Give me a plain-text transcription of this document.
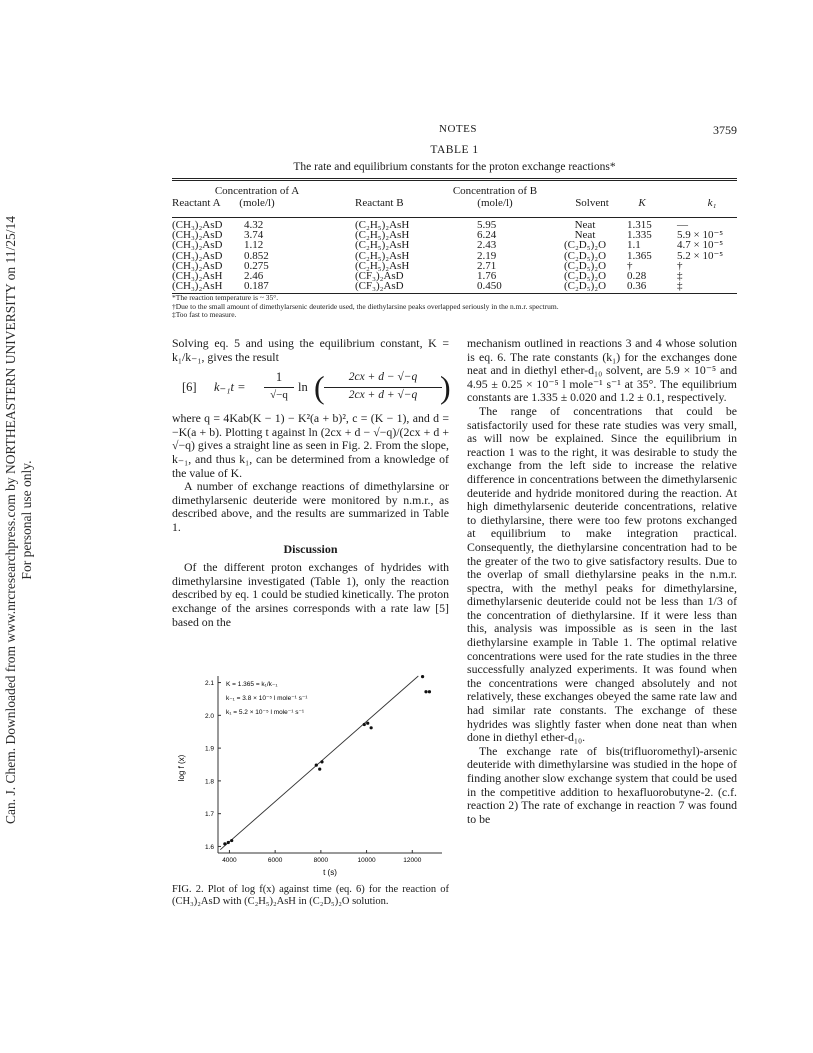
Can. J. Chem. Downloaded from www.nrcresearchpress.com by NORTHEASTERN UNIVERSITY on 11/25/14 For personal use only.
NOTES	3759
TABLE 1
The rate and equilibrium constants for the proton exchange reactions*
Concentration of A
(mole/l)
Reactant A	Reactant B
Concentration of B
(mole/l)	Solvent	K	k₁
(CH₃)₂AsD	4.32	(C₂H₅)₂AsH	5.95	Neat	1.315	—
(CH₃)₂AsD	3.74	(C₂H₅)₂AsH	6.24	Neat	1.335	5.9 × 10⁻⁵
(CH₃)₂AsD	1.12	(C₂H₅)₂AsH	2.43	(C₂D₅)₂O	1.1	4.7 × 10⁻⁵
(CH₃)₂AsD	0.852	(C₂H₅)₂AsH	2.19	(C₂D₅)₂O	1.365	5.2 × 10⁻⁵
(CH₃)₂AsD	0.275	(C₂H₅)₂AsH	2.71	(C₂D₅)₂O	†	†
(CH₃)₂AsH	2.46	(CF₃)₂AsD	1.76	(C₂D₅)₂O	0.28	‡
(CH₃)₂AsH	0.187	(CF₃)₂AsD	0.450	(C₂D₅)₂O	0.36	‡
*The reaction temperature is ~ 35°.
†Due to the small amount of dimethylarsenic deuteride used, the diethylarsine peaks overlapped seriously in the n.m.r. spectrum.
‡Too fast to measure.

Solving eq. 5 and using the equilibrium constant, K = k₁/k₋₁, gives the result

[6] k₋₁t =
1
√−q
ln (	2cx + d − √−q
2cx + d + √−q )

where q = 4Kab(K − 1) − K²(a + b)², c = (K − 1), and d = −K(a + b). Plotting t against ln (2cx + d − √−q)/(2cx + d + √−q) gives a straight line as seen in Fig. 2. From the slope, k₋₁, and thus k₁, can be determined from a knowledge of the value of K.

A number of exchange reactions of dimethylarsine or dimethylarsenic deuteride were monitored by n.m.r., as described above, and the results are summarized in Table 1.

Discussion

Of the different proton exchanges of hydrides with dimethylarsine investigated (Table 1), only the reaction described by eq. 1 could be studied kinetically. The proton exchange of the arsines corresponds with a rate law [5] based on the

mechanism outlined in reactions 3 and 4 whose solution is eq. 6. The rate constants (k₁) for the exchanges done neat and in diethyl ether-d₁₀ solvent, are 5.9 × 10⁻⁵ and 4.95 ± 0.25 × 10⁻⁵ l mole⁻¹ s⁻¹ at 35°. The equilibrium constants are 1.335 ± 0.020 and 1.2 ± 0.1, respectively.

The range of concentrations that could be satisfactorily used for these rate studies was very small, as will now be explained. Since the equilibrium in reaction 1 was to the right, it was desirable to study the exchange from the left side to increase the relative difference in concentrations between the dimethylarsenic deuteride and hydride monitored during the reaction. At high dimethylarsenic deuteride concentrations, relative to diethylarsine, there were too few protons exchanged at equilibrium to make integration practical. Consequently, the diethylarsine concentration had to be the greater of the two to give satisfactory results. Due to the overlap of small diethylarsine peaks in the n.m.r. spectra, with the methyl peaks for dimethylarsine, dimethylarsenic deuteride could not be less than 1/3 of the concentration of diethylarsine. If it were less than this, analysis was impossible as is seen in the last diethylarsine example in Table 1. The optimal relative concentrations were used for the rate studies in the three successfully analyzed experiments. It was found when the concentrations were changed absolutely and not relatively, these exchanges obeyed the same rate law and had similar rate constants. The exchange of these hydrides was slightly faster when done neat than when done in diethyl ether-d₁₀.

The exchange rate of bis(trifluoromethyl)-arsenic deuteride with dimethylarsine was studied in the hope of finding another slow exchange system that could be used in the competitive addition to hexafluorobutyne-2. (c.f. reaction 2) The rate of exchange in reaction 7 was found to be

4000	6000	8000	10000	12000
1.6
1.7
1.8
1.9
2.0
2.1
t (s)
log f (x)
K = 1.365 = k₁/k₋₁
k₋₁ = 3.8 × 10⁻⁵ l mole⁻¹ s⁻¹
k₁ = 5.2 × 10⁻⁵ l mole⁻¹ s⁻¹
FIG. 2. Plot of log f(x) against time (eq. 6) for the reaction of (CH₃)₂AsD with (C₂H₅)₂AsH in (C₂D₅)₂O solution.
